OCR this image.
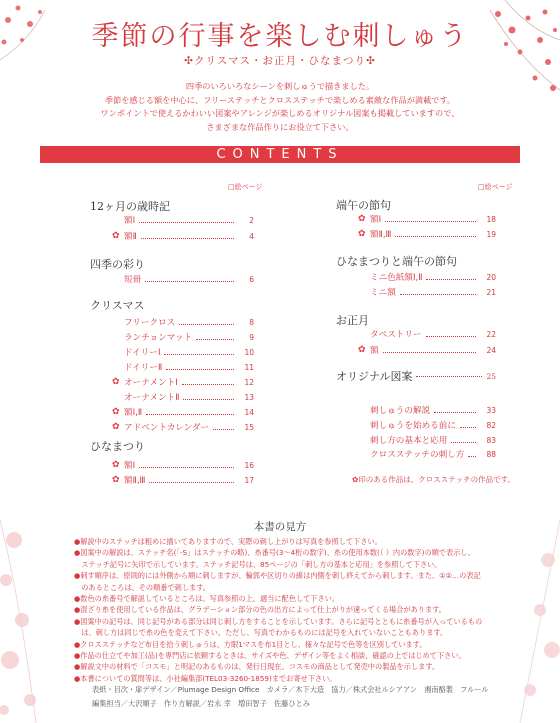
季節の行事を楽しむ刺しゅう
✣クリスマス・お正月・ひなまつり✣
四季のいろいろなシーンを刺しゅうで描きました。
季節を感じる額を中心に、フリーステッチとクロスステッチで楽しめる素敵な作品が満載です。
ワンポイントで使えるかわいい図案やアレンジが楽しめるオリジナル図案も掲載していますので、
さまざまな作品作りにお役立て下さい。
CONTENTS
□絵ページ	□絵ページ
12ヶ月の歳時記
額Ⅰ	2
✿ 額Ⅱ	4
四季の彩り
短冊	6
クリスマス
フリークロス	8
ランチョンマット	9
ドイリーⅠ	10
ドイリーⅡ	11
✿ オーナメントⅠ	12
オーナメントⅡ	13
✿ 額Ⅰ,Ⅱ	14
✿ アドベントカレンダー	15
ひなまつり
✿ 額Ⅰ	16
✿ 額Ⅱ,Ⅲ	17
端午の節句
✿ 額Ⅰ	18
✿ 額Ⅱ,Ⅲ	19
ひなまつりと端午の節句
ミニ色紙額Ⅰ,Ⅱ	20
ミニ額	21
お正月
タペストリー	22
✿ 額	24
オリジナル図案	25
刺しゅうの解説	33
刺しゅうを始める前に	82
刺し方の基本と応用	83
クロスステッチの刺し方	88
✿印のある作品は、クロスステッチの作品です。
本書の見方
●解説中のステッチは粗めに描いてありますので、実際の刺し上がりは写真を参照して下さい。
●図案中の解説は、ステッチ名(「-S」はステッチの略)、糸番号(3〜4桁の数字)、糸の使用本数(（ ）内の数字)の順で表示し、
　ステッチ記号に矢印で示しています。ステッチ記号は、85ページの「刺し方の基本と応用」を参照して下さい。
●刺す順序は、原則的には外側から順に刺しますが、輪郭や区切りの線は内側を刺し終えてから刺します。また、①②…の表記
　のあるところは、その順番で刺します。
●数色の糸番号で解説しているところは、写真参照の上、適当に配色して下さい。
●混ざり糸を使用している作品は、グラデーション部分の色の出方によって仕上がりが違ってくる場合があります。
●図案中の記号は、同じ記号がある部分は同じ刺し方をすることを示しています。さらに記号とともに糸番号が入っているもの
　は、刺し方は同じで糸の色を変えて下さい。ただし、写真でわかるものには記号を入れていないこともあります。
●クロスステッチなど布目を拾う刺しゅうは、方眼1マスを布1目とし、様々な記号で色等を区別しています。
●作品の仕立てや加工(品)を専門店に依頼するときは、サイズや色、デザイン等をよく相談、確認の上ではじめて下さい。
●解説文中の材料で「コスモ」と明記のあるものは、発行日現在、コスモの商品として発売中の製品を示します。
●本書についての質問等は、小社編集部(TEL03-3260-1859)までお寄せ下さい。
表紙・目次・扉デザイン／Plumage Design Office　カメラ／木下大造　協力／株式会社ルシアアン　湘南酪製　フルール
編集担当／大沢順子　作り方解説／岩永 幸　増田智子　佐藤ひとみ
